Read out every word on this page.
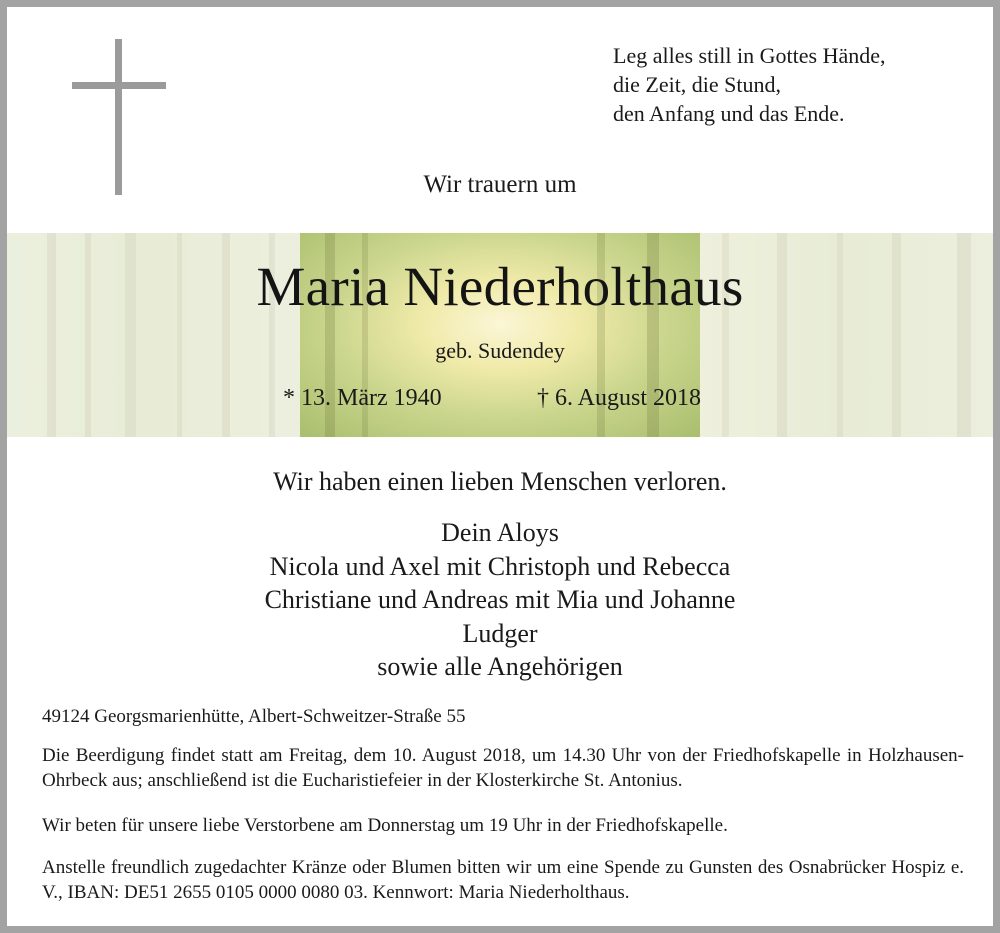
Leg alles still in Gottes Hände,
die Zeit, die Stund,
den Anfang und das Ende.
Wir trauern um
Maria Niederholthaus
geb. Sudendey
* 13. März 1940	† 6. August 2018
Wir haben einen lieben Menschen verloren.
Dein Aloys
Nicola und Axel mit Christoph und Rebecca
Christiane und Andreas mit Mia und Johanne
Ludger
sowie alle Angehörigen
49124 Georgsmarienhütte, Albert-Schweitzer-Straße 55
Die Beerdigung findet statt am Freitag, dem 10. August 2018, um 14.30 Uhr von der Friedhofskapelle in Holzhausen-Ohrbeck aus; anschließend ist die Eucharistiefeier in der Klosterkirche St. Antonius.
Wir beten für unsere liebe Verstorbene am Donnerstag um 19 Uhr in der Friedhofskapelle.
Anstelle freundlich zugedachter Kränze oder Blumen bitten wir um eine Spende zu Gunsten des Osnabrücker Hospiz e. V., IBAN: DE51 2655 0105 0000 0080 03. Kennwort: Maria Niederholthaus.
